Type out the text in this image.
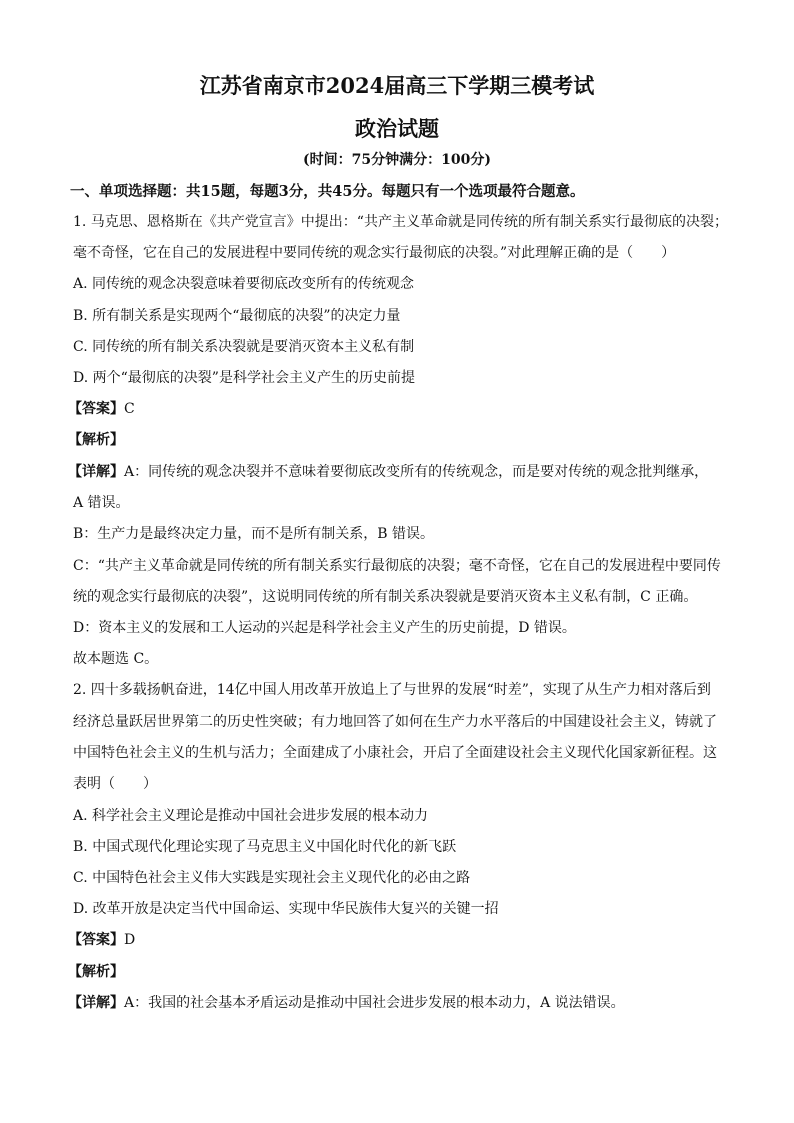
江苏省南京市2024届高三下学期三模考试
政治试题
(时间：75分钟满分：100分)
一、单项选择题：共15题，每题3分，共45分。每题只有一个选项最符合题意。
1. 马克思、恩格斯在《共产党宣言》中提出：“共产主义革命就是同传统的所有制关系实行最彻底的决裂；
毫不奇怪，它在自己的发展进程中要同传统的观念实行最彻底的决裂。”对此理解正确的是（　　）
A. 同传统的观念决裂意味着要彻底改变所有的传统观念
B. 所有制关系是实现两个“最彻底的决裂”的决定力量
C. 同传统的所有制关系决裂就是要消灭资本主义私有制
D. 两个“最彻底的决裂”是科学社会主义产生的历史前提
【答案】C
【解析】
【详解】A：同传统的观念决裂并不意味着要彻底改变所有的传统观念，而是要对传统的观念批判继承，
A 错误。
B：生产力是最终决定力量，而不是所有制关系，B 错误。
C：“共产主义革命就是同传统的所有制关系实行最彻底的决裂；毫不奇怪，它在自己的发展进程中要同传
统的观念实行最彻底的决裂”，这说明同传统的所有制关系决裂就是要消灭资本主义私有制，C 正确。
D：资本主义的发展和工人运动的兴起是科学社会主义产生的历史前提，D 错误。
故本题选 C。
2. 四十多载扬帆奋进，14亿中国人用改革开放追上了与世界的发展“时差”，实现了从生产力相对落后到
经济总量跃居世界第二的历史性突破；有力地回答了如何在生产力水平落后的中国建设社会主义，铸就了
中国特色社会主义的生机与活力；全面建成了小康社会，开启了全面建设社会主义现代化国家新征程。这
表明（　　）
A. 科学社会主义理论是推动中国社会进步发展的根本动力
B. 中国式现代化理论实现了马克思主义中国化时代化的新飞跃
C. 中国特色社会主义伟大实践是实现社会主义现代化的必由之路
D. 改革开放是决定当代中国命运、实现中华民族伟大复兴的关键一招
【答案】D
【解析】
【详解】A：我国的社会基本矛盾运动是推动中国社会进步发展的根本动力，A 说法错误。
